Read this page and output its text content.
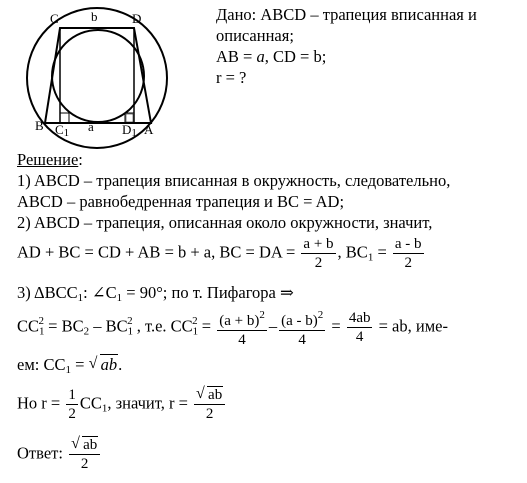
C b	D
B C1 a D1 A
Дано: ABCD – трапеция вписанная и
описанная;
AB = a, CD = b;
r = ?
Решение:
1) ABCD – трапеция вписанная в окружность, следовательно,
ABCD – равнобедренная трапеция и BC = AD;
2) ABCD – трапеция, описанная около окружности, значит,
AD + BC = CD + AB = b + a, BC = DA = $\frac{a + b}{2}$ , $BC_1 = \frac{a - b}{2}$
3) $\Delta BCC_1$: $\angle C_1 = 90^\circ$; по т. Пифагора ⇒
$CC_1^2 = BC_2 - BC_1^2$ , т.е. $CC_1^2 = \frac{(a + b)^2}{4} - \frac{(a - b)^2}{4} = \frac{4ab}{4}$ = ab, име-
ем: $CC_1$ = √ ab.
Но $r = \frac{1}{2} CC_1$, значит, $r = \frac{√ ab}{2}$
Ответ: $\frac{√ ab}{2}$
